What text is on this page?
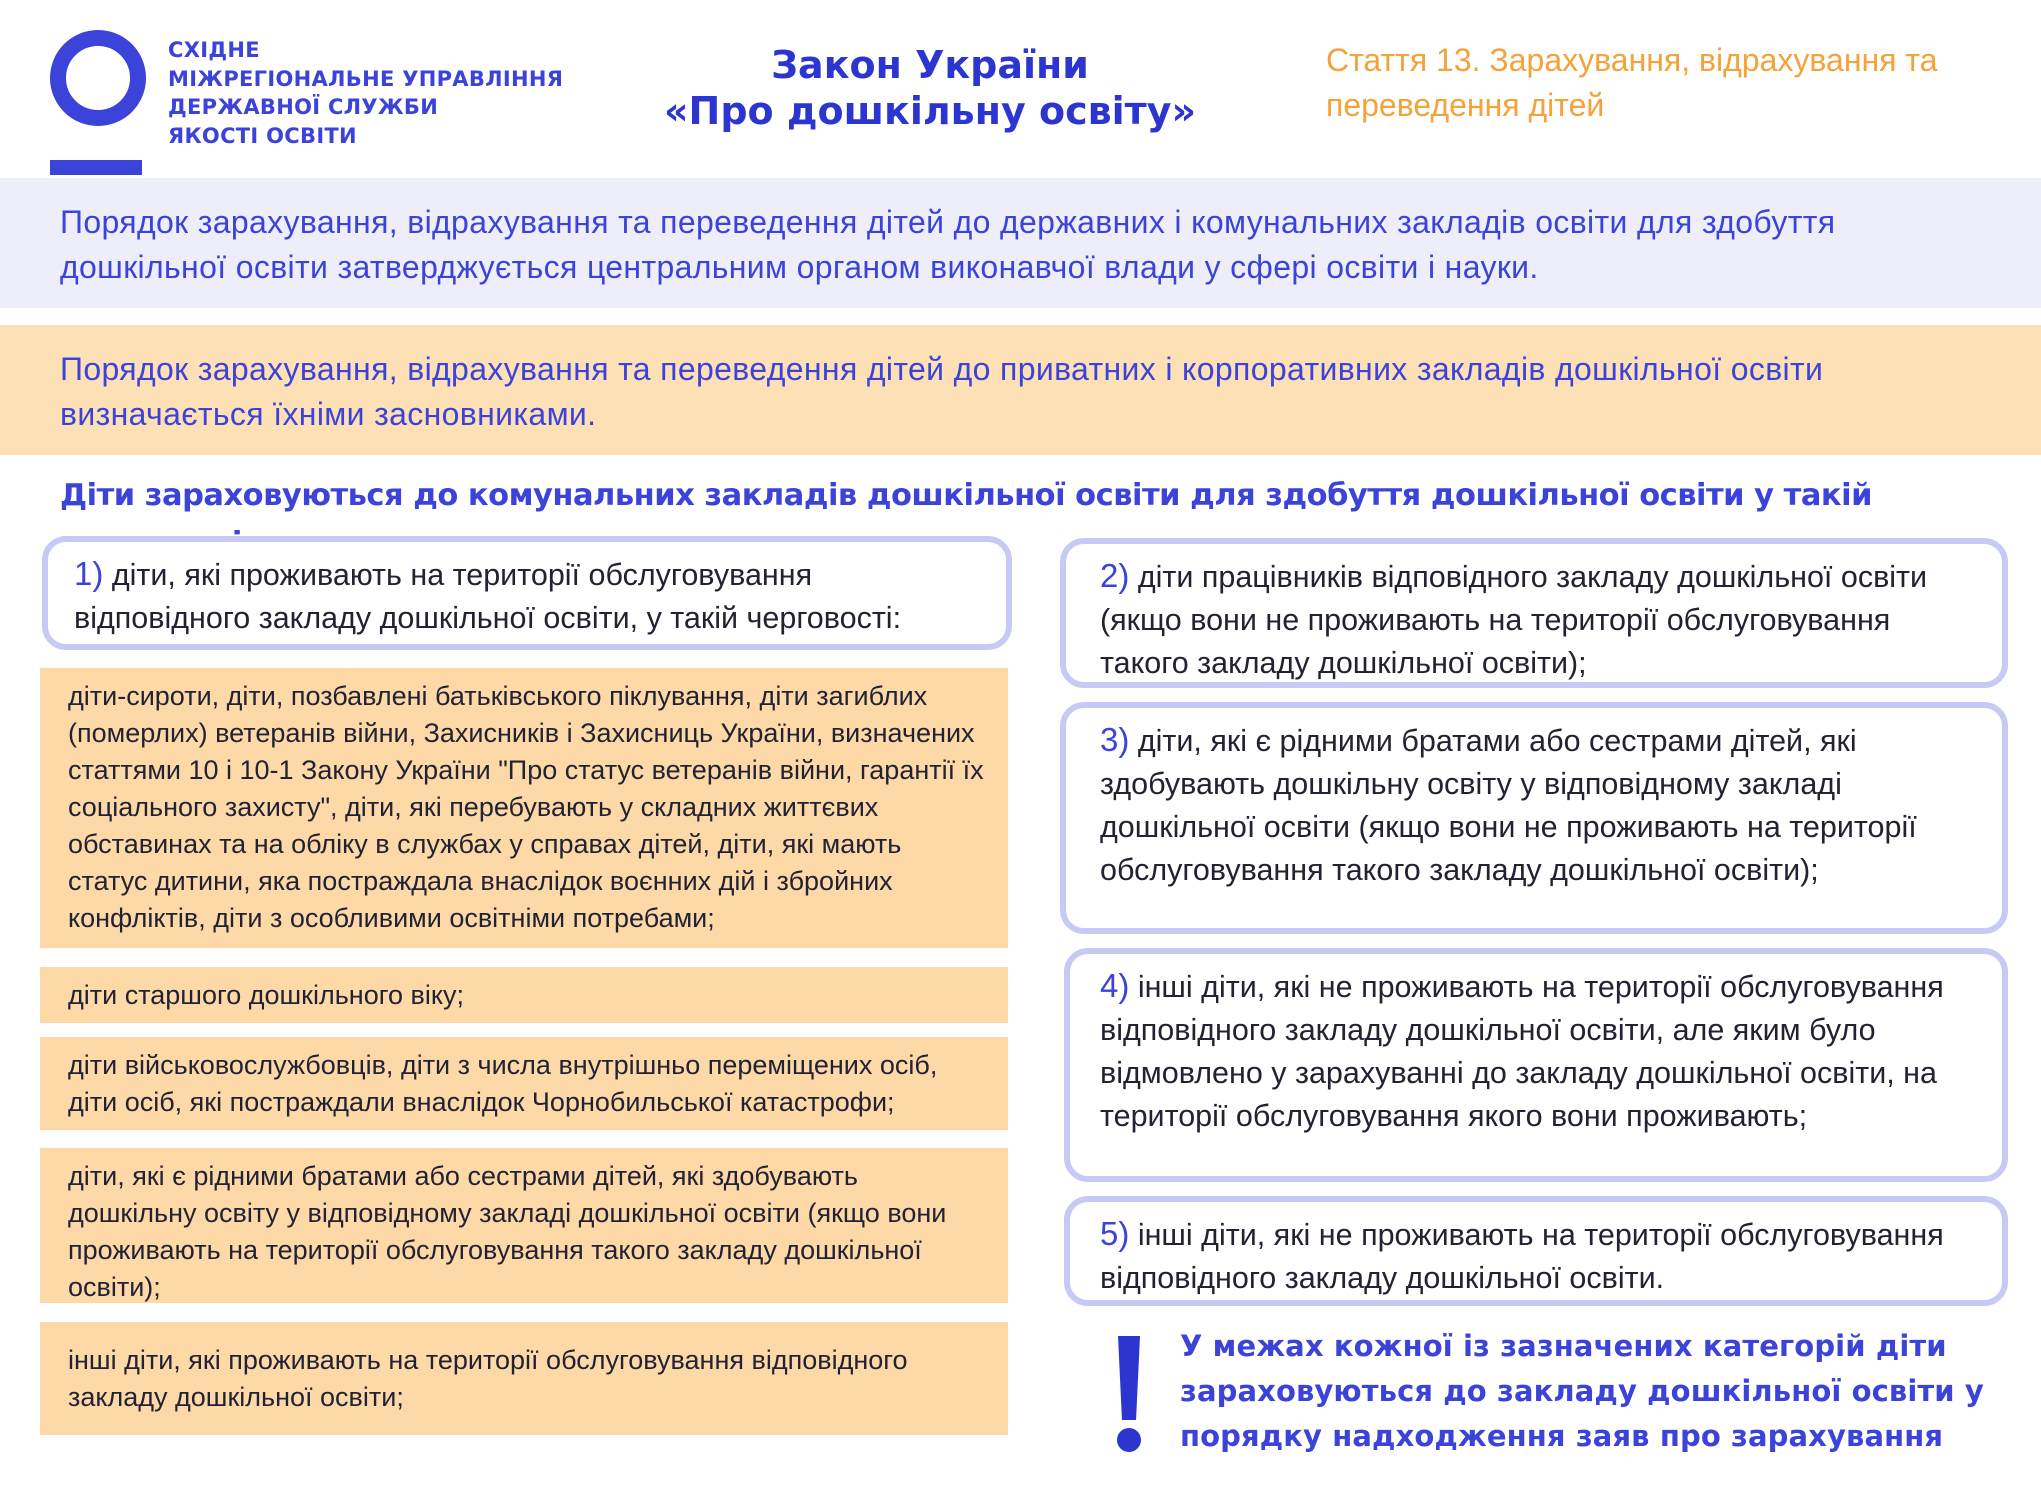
СХІДНЕ
МІЖРЕГІОНАЛЬНЕ УПРАВЛІННЯ
ДЕРЖАВНОЇ СЛУЖБИ
ЯКОСТІ ОСВІТИ
Закон України
«Про дошкільну освіту»
Стаття 13. Зарахування, відрахування та переведення дітей

Порядок зарахування, відрахування та переведення дітей до державних і комунальних закладів освіти для здобуття дошкільної освіти затверджується центральним органом виконавчої влади у сфері освіти і науки.

Порядок зарахування, відрахування та переведення дітей до приватних і корпоративних закладів дошкільної освіти визначається їхніми засновниками.

Діти зараховуються до комунальних закладів дошкільної освіти для здобуття дошкільної освіти у такій
1) діти, які проживають на території обслуговування відповідного закладу дошкільної освіти, у такій черговості:
діти-сироти, діти, позбавлені батьківського піклування, діти загиблих (померлих) ветеранів війни, Захисників і Захисниць України, визначених статтями 10 і 10-1 Закону України "Про статус ветеранів війни, гарантії їх соціального захисту", діти, які перебувають у складних життєвих обставинах та на обліку в службах у справах дітей, діти, які мають статус дитини, яка постраждала внаслідок воєнних дій і збройних конфліктів, діти з особливими освітніми потребами;
діти старшого дошкільного віку;
діти військовослужбовців, діти з числа внутрішньо переміщених осіб, діти осіб, які постраждали внаслідок Чорнобильської катастрофи;
діти, які є рідними братами або сестрами дітей, які здобувають дошкільну освіту у відповідному закладі дошкільної освіти (якщо вони проживають на території обслуговування такого закладу дошкільної освіти);
інші діти, які проживають на території обслуговування відповідного закладу дошкільної освіти;
2) діти працівників відповідного закладу дошкільної освіти (якщо вони не проживають на території обслуговування такого закладу дошкільної освіти);
3) діти, які є рідними братами або сестрами дітей, які здобувають дошкільну освіту у відповідному закладі дошкільної освіти (якщо вони не проживають на території обслуговування такого закладу дошкільної освіти);
4) інші діти, які не проживають на території обслуговування відповідного закладу дошкільної освіти, але яким було відмовлено у зарахуванні до закладу дошкільної освіти, на території обслуговування якого вони проживають;
5) інші діти, які не проживають на території обслуговування відповідного закладу дошкільної освіти.
У межах кожної із зазначених категорій діти зараховуються до закладу дошкільної освіти у порядку надходження заяв про зарахування
